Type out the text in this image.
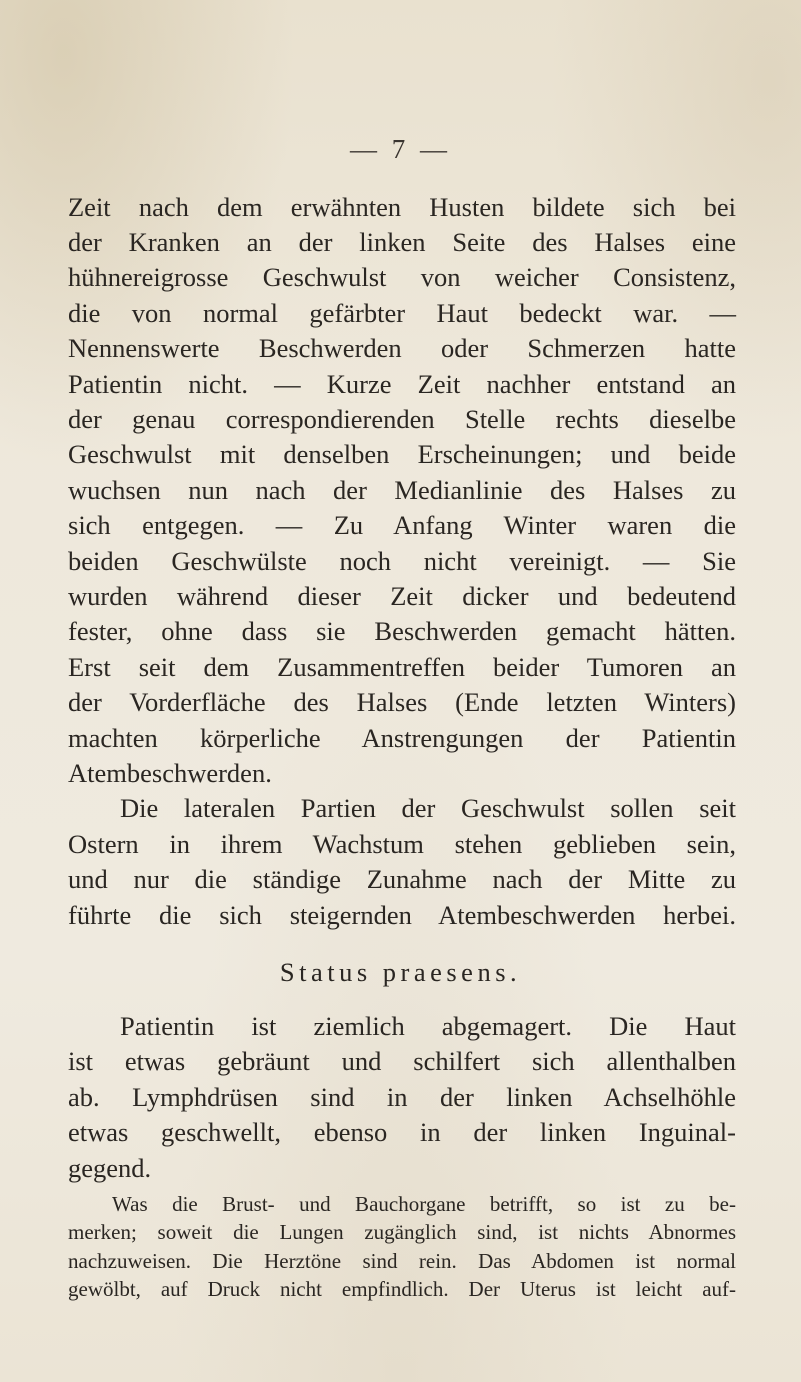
— 7 —
Zeit nach dem erwähnten Husten bildete sich bei
der Kranken an der linken Seite des Halses eine
hühnereigrosse Geschwulst von weicher Consistenz,
die von normal gefärbter Haut bedeckt war. —
Nennenswerte Beschwerden oder Schmerzen hatte
Patientin nicht. — Kurze Zeit nachher entstand an
der genau correspondierenden Stelle rechts dieselbe
Geschwulst mit denselben Erscheinungen; und beide
wuchsen nun nach der Medianlinie des Halses zu
sich entgegen. — Zu Anfang Winter waren die
beiden Geschwülste noch nicht vereinigt. — Sie
wurden während dieser Zeit dicker und bedeutend
fester, ohne dass sie Beschwerden gemacht hätten.
Erst seit dem Zusammentreffen beider Tumoren an
der Vorderfläche des Halses (Ende letzten Winters)
machten körperliche Anstrengungen der Patientin
Atembeschwerden.
Die lateralen Partien der Geschwulst sollen seit
Ostern in ihrem Wachstum stehen geblieben sein,
und nur die ständige Zunahme nach der Mitte zu
führte die sich steigernden Atembeschwerden herbei.
Status praesens.
Patientin ist ziemlich abgemagert. Die Haut
ist etwas gebräunt und schilfert sich allenthalben
ab. Lymphdrüsen sind in der linken Achselhöhle
etwas geschwellt, ebenso in der linken Inguinal-
gegend.
Was die Brust- und Bauchorgane betrifft, so ist zu be-
merken; soweit die Lungen zugänglich sind, ist nichts Abnormes
nachzuweisen. Die Herztöne sind rein. Das Abdomen ist normal
gewölbt, auf Druck nicht empfindlich. Der Uterus ist leicht auf-
